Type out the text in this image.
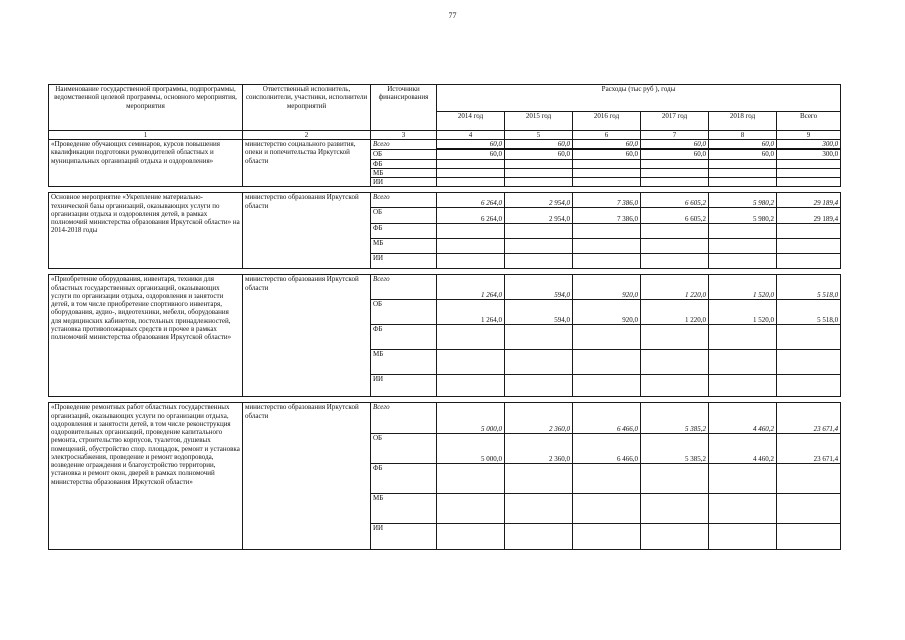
77
Наименование государственной программы, подпрограммы, ведомственной целевой программы, основного мероприятия, мероприятия	Ответственный исполнитель, соисполнители, участники, исполнители мероприятий	Источники финансирования	Расходы (тыс руб ), годы					
			2014 год	2015 год	2016 год	2017 год	2018 год	Всего
1	2	3	4	5	6	7	8	9
«Проведение обучающих семинаров, курсов повышения квалификации подготовки руководителей областных и муниципальных организаций отдыха и оздоровления»	министерство социального развития, опеки и попечительства Иркутской области	Всего	60,0	60,0	60,0	60,0	60,0	300,0
		ОБ	60,0	60,0	60,0	60,0	60,0	300,0
		ФБ						
		МБ						
		ИИ						

Основное мероприятие «Укрепление материально-технической базы организаций, оказывающих услуги по организации отдыха и оздоровления детей, в рамках полномочий министерства образования Иркутской области» на 2014-2018 годы	министерство образования Иркутской области	Всего	6 264,0	2 954,0	7 386,0	6 605,2	5 980,2	29 189,4
		ОБ	6 264,0	2 954,0	7 386,0	6 605,2	5 980,2	29 189,4
		ФБ						
		МБ						
		ИИ						

«Приобретение оборудования, инвентаря, техники для областных государственных организаций, оказывающих услуги по организации отдыха, оздоровления и занятости детей, в том числе приобретение спортивного инвентаря, оборудования, аудио-, видеотехники, мебели, оборудования для медицинских кабинетов, постельных принадлежностей, установка противопожарных средств и прочее в рамках полномочий министерства образования Иркутской области»	министерство образования Иркутской области	Всего	1 264,0	594,0	920,0	1 220,0	1 520,0	5 518,0
		ОБ	1 264,0	594,0	920,0	1 220,0	1 520,0	5 518,0
		ФБ						
		МБ						
		ИИ						

«Проведение ремонтных работ областных государственных организаций, оказывающих услуги по организации отдыха, оздоровления и занятости детей, в том числе реконструкция оздоровительных организаций, проведение капитального ремонта, строительство корпусов, туалетов, душевых помещений, обустройство спор. площадок, ремонт и установка электроснабжения, проведение и ремонт водопровода, возведение ограждения и благоустройство территории, установка и ремонт окон, дверей в рамках полномочий министерства образования Иркутской области»	министерство образования Иркутской области	Всего	5 000,0	2 360,0	6 466,0	5 385,2	4 460,2	23 671,4
		ОБ	5 000,0	2 360,0	6 466,0	5 385,2	4 460,2	23 671,4
		ФБ						
		МБ						
		ИИ						
